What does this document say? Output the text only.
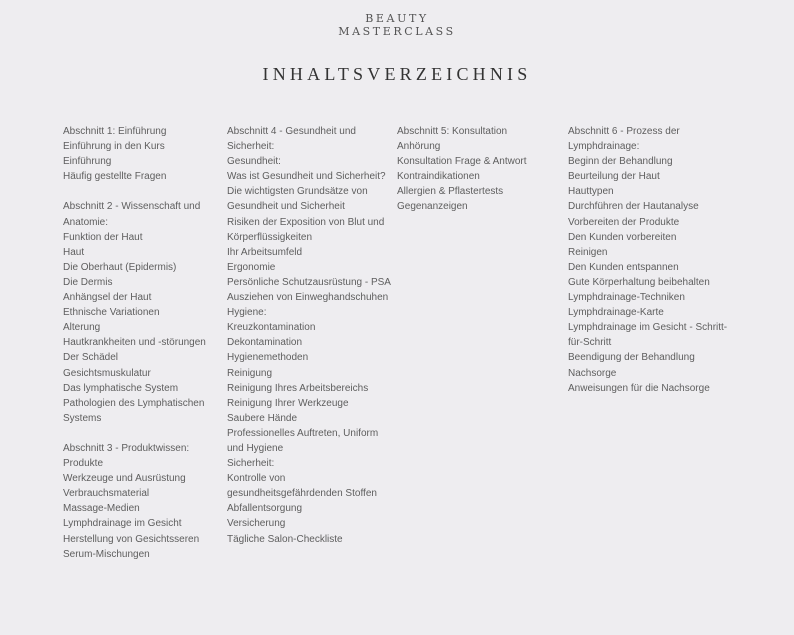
BEAUTY
MASTERCLASS
INHALTSVERZEICHNIS
Abschnitt 1: Einführung
Einführung in den Kurs
Einführung
Häufig gestellte Fragen
Abschnitt 2 - Wissenschaft und
Anatomie:
Funktion der Haut
Haut
Die Oberhaut (Epidermis)
Die Dermis
Anhängsel der Haut
Ethnische Variationen
Alterung
Hautkrankheiten und -störungen
Der Schädel
Gesichtsmuskulatur
Das lymphatische System
Pathologien des Lymphatischen
Systems
Abschnitt 3 - Produktwissen:
Produkte
Werkzeuge und Ausrüstung
Verbrauchsmaterial
Massage-Medien
Lymphdrainage im Gesicht
Herstellung von Gesichtsseren
Serum-Mischungen
Abschnitt 4 - Gesundheit und
Sicherheit:
Gesundheit:
Was ist Gesundheit und Sicherheit?
Die wichtigsten Grundsätze von
Gesundheit und Sicherheit
Risiken der Exposition von Blut und
Körperflüssigkeiten
Ihr Arbeitsumfeld
Ergonomie
Persönliche Schutzausrüstung - PSA
Ausziehen von Einweghandschuhen
Hygiene:
Kreuzkontamination
Dekontamination
Hygienemethoden
Reinigung
Reinigung Ihres Arbeitsbereichs
Reinigung Ihrer Werkzeuge
Saubere Hände
Professionelles Auftreten, Uniform
und Hygiene
Sicherheit:
Kontrolle von
gesundheitsgefährdenden Stoffen
Abfallentsorgung
Versicherung
Tägliche Salon-Checkliste
Abschnitt 5: Konsultation
Anhörung
Konsultation Frage & Antwort
Kontraindikationen
Allergien & Pflastertests
Gegenanzeigen
Abschnitt 6 - Prozess der
Lymphdrainage:
Beginn der Behandlung
Beurteilung der Haut
Hauttypen
Durchführen der Hautanalyse
Vorbereiten der Produkte
Den Kunden vorbereiten
Reinigen
Den Kunden entspannen
Gute Körperhaltung beibehalten
Lymphdrainage-Techniken
Lymphdrainage-Karte
Lymphdrainage im Gesicht - Schritt-
für-Schritt
Beendigung der Behandlung
Nachsorge
Anweisungen für die Nachsorge
